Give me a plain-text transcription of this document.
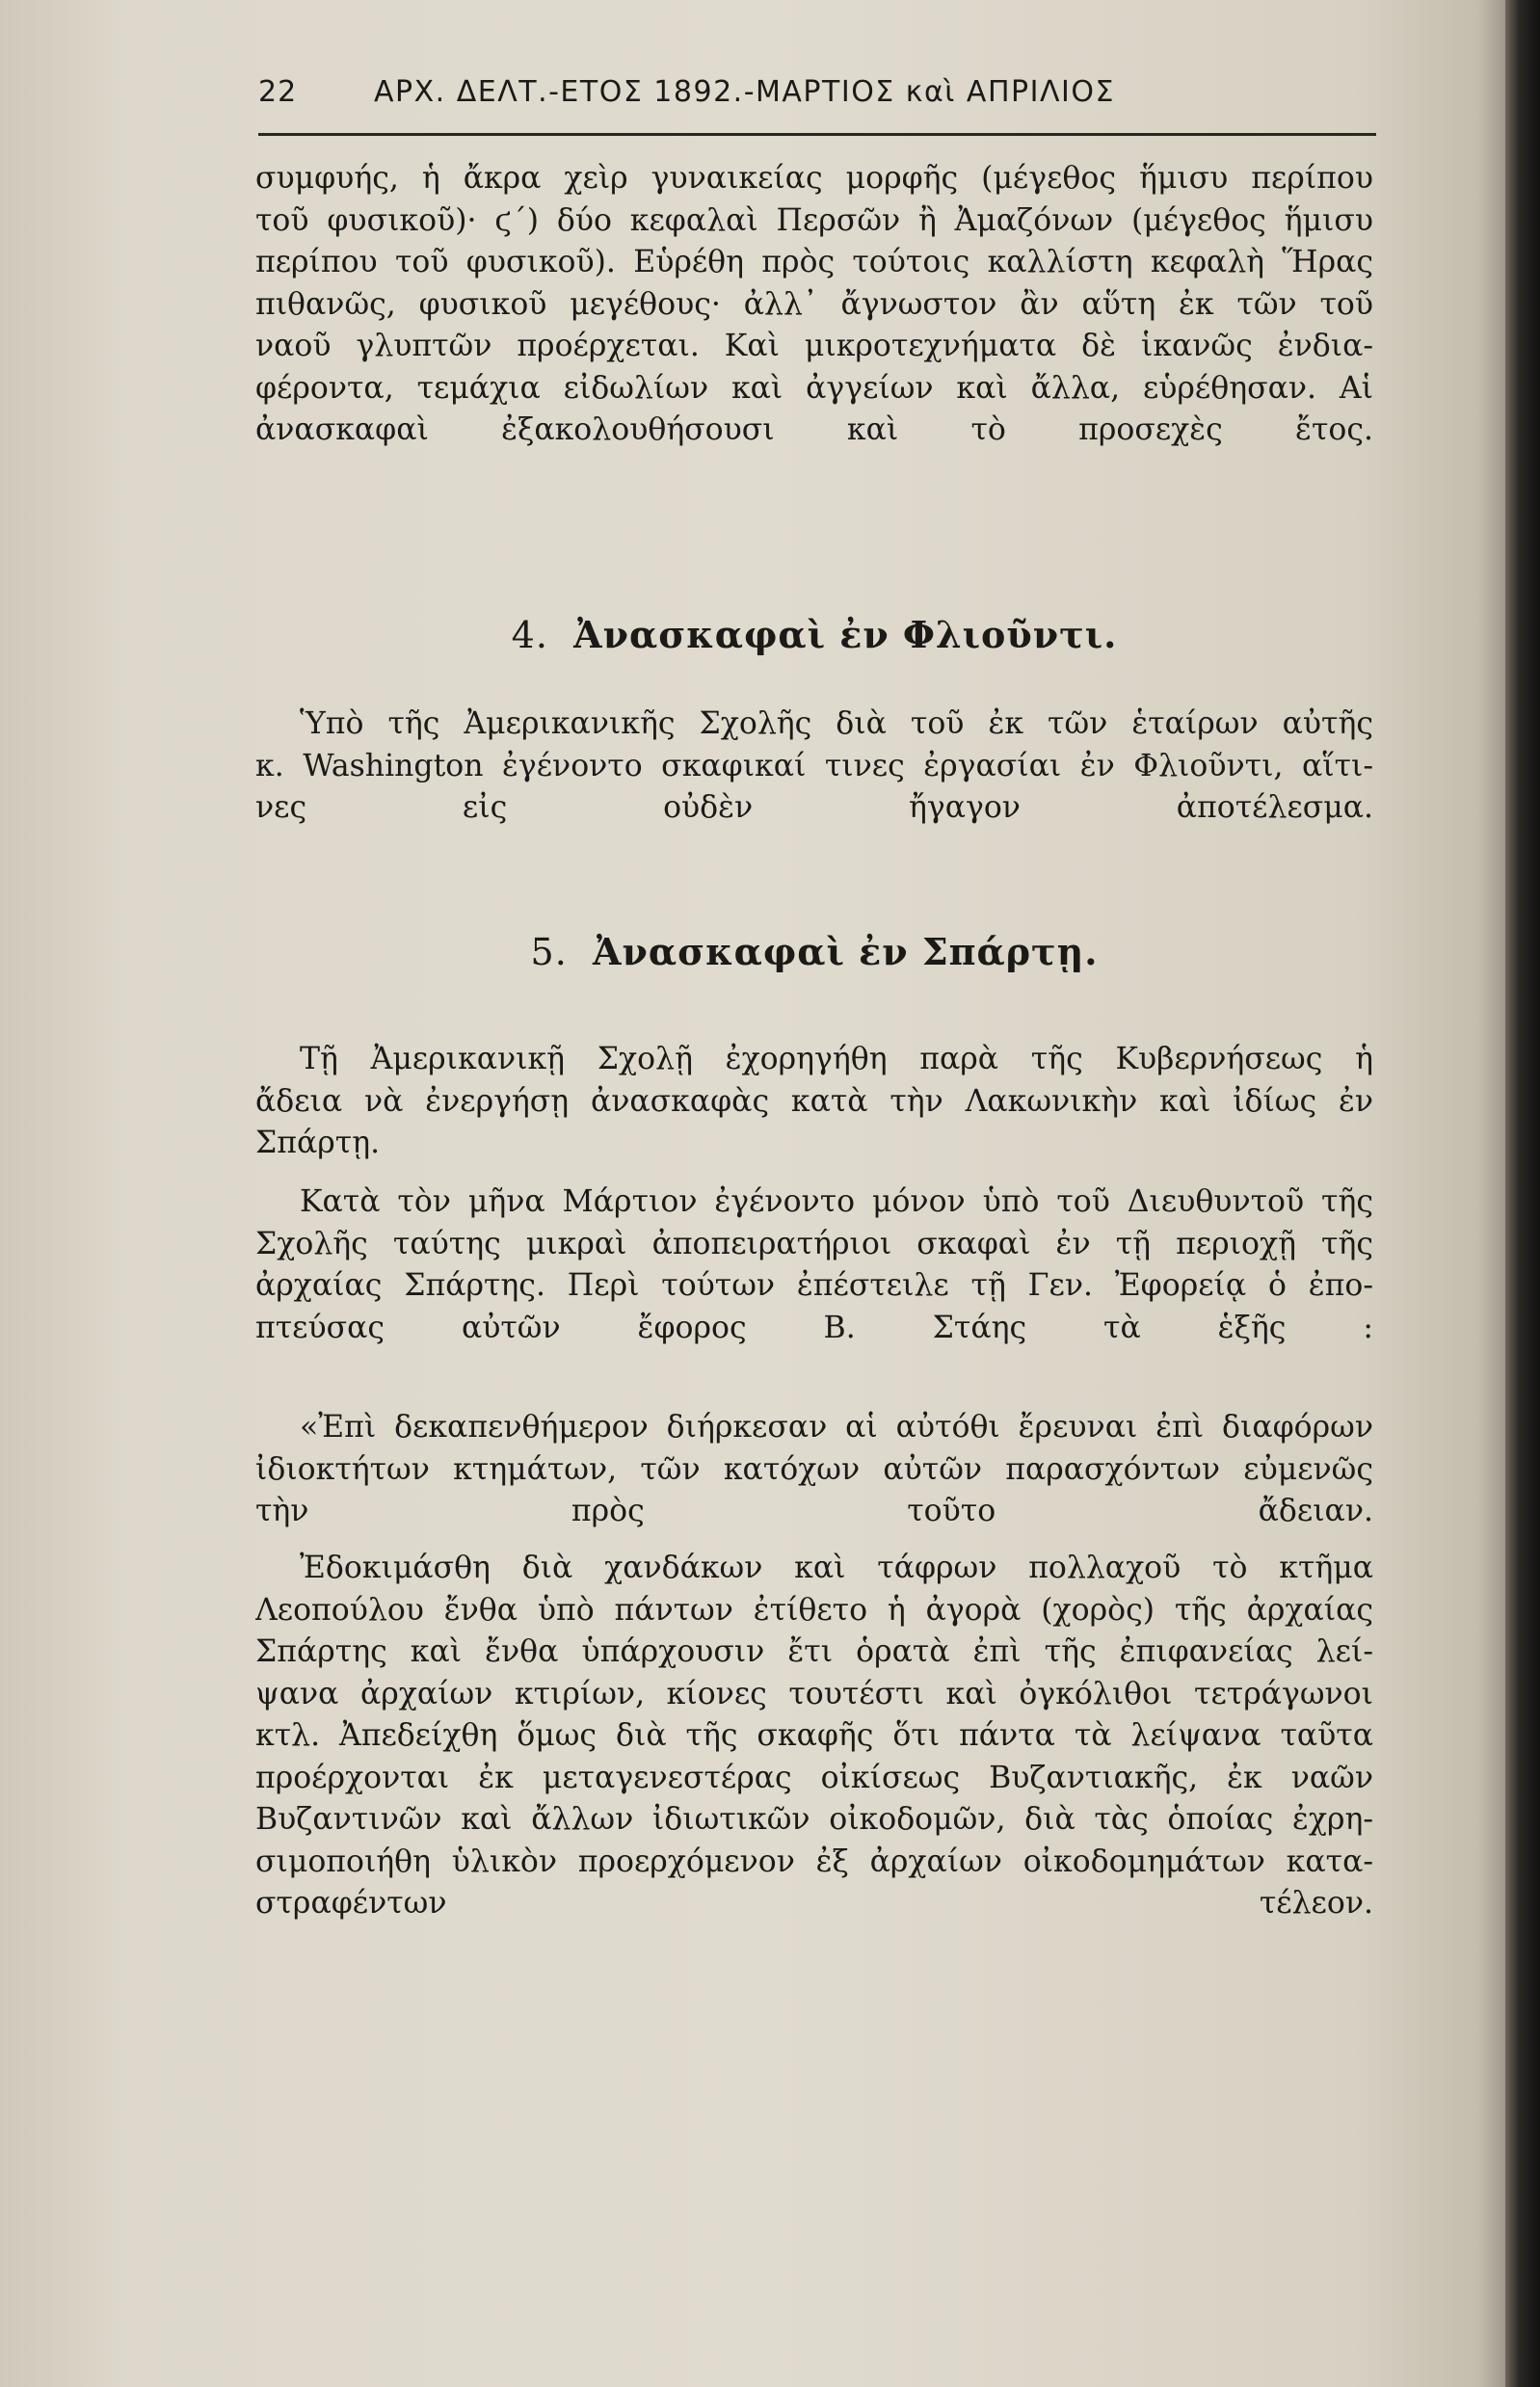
22	ΑΡΧ. ΔΕΛΤ.-ΕΤΟΣ 1892.-ΜΑΡΤΙΟΣ καὶ ΑΠΡΙΛΙΟΣ
συμφυής, ἡ ἄκρα χεὶρ γυναικείας μορφῆς (μέγεθος ἥμισυ περίπου
τοῦ φυσικοῦ)· ϛ΄) δύο κεφαλαὶ Περσῶν ἢ Ἀμαζόνων (μέγεθος ἥμισυ
περίπου τοῦ φυσικοῦ). Εὑρέθη πρὸς τούτοις καλλίστη κεφαλὴ Ἥρας
πιθανῶς, φυσικοῦ μεγέθους· ἀλλ᾽ ἄγνωστον ἂν αὕτη ἐκ τῶν τοῦ
ναοῦ γλυπτῶν προέρχεται. Καὶ μικροτεχνήματα δὲ ἱκανῶς ἐνδια-
φέροντα, τεμάχια εἰδωλίων καὶ ἀγγείων καὶ ἄλλα, εὑρέθησαν. Αἱ
ἀνασκαφαὶ ἐξακολουθήσουσι καὶ τὸ προσεχὲς ἔτος.
4. Ἀνασκαφαὶ ἐν Φλιοῦντι.
Ὑπὸ τῆς Ἀμερικανικῆς Σχολῆς διὰ τοῦ ἐκ τῶν ἑταίρων αὐτῆς
κ. Washington ἐγένοντο σκαφικαί τινες ἐργασίαι ἐν Φλιοῦντι, αἵτι-
νες εἰς οὐδὲν ἤγαγον ἀποτέλεσμα.
5. Ἀνασκαφαὶ ἐν Σπάρτῃ.
Τῇ Ἀμερικανικῇ Σχολῇ ἐχορηγήθη παρὰ τῆς Κυβερνήσεως ἡ
ἄδεια νὰ ἐνεργήσῃ ἀνασκαφὰς κατὰ τὴν Λακωνικὴν καὶ ἰδίως ἐν
Σπάρτῃ.
Κατὰ τὸν μῆνα Μάρτιον ἐγένοντο μόνον ὑπὸ τοῦ Διευθυντοῦ τῆς
Σχολῆς ταύτης μικραὶ ἀποπειρατήριοι σκαφαὶ ἐν τῇ περιοχῇ τῆς
ἀρχαίας Σπάρτης. Περὶ τούτων ἐπέστειλε τῇ Γεν. Ἐφορείᾳ ὁ ἐπο-
πτεύσας αὐτῶν ἔφορος Β. Στάης τὰ ἑξῆς :
«Ἐπὶ δεκαπενθήμερον διήρκεσαν αἱ αὐτόθι ἔρευναι ἐπὶ διαφόρων
ἰδιοκτήτων κτημάτων, τῶν κατόχων αὐτῶν παρασχόντων εὐμενῶς
τὴν πρὸς τοῦτο ἄδειαν.
Ἐδοκιμάσθη διὰ χανδάκων καὶ τάφρων πολλαχοῦ τὸ κτῆμα
Λεοπούλου ἔνθα ὑπὸ πάντων ἐτίθετο ἡ ἀγορὰ (χορὸς) τῆς ἀρχαίας
Σπάρτης καὶ ἔνθα ὑπάρχουσιν ἔτι ὁρατὰ ἐπὶ τῆς ἐπιφανείας λεί-
ψανα ἀρχαίων κτιρίων, κίονες τουτέστι καὶ ὀγκόλιθοι τετράγωνοι
κτλ. Ἀπεδείχθη ὅμως διὰ τῆς σκαφῆς ὅτι πάντα τὰ λείψανα ταῦτα
προέρχονται ἐκ μεταγενεστέρας οἰκίσεως Βυζαντιακῆς, ἐκ ναῶν
Βυζαντινῶν καὶ ἄλλων ἰδιωτικῶν οἰκοδομῶν, διὰ τὰς ὁποίας ἐχρη-
σιμοποιήθη ὑλικὸν προερχόμενον ἐξ ἀρχαίων οἰκοδομημάτων κατα-
στραφέντων τέλεον.
